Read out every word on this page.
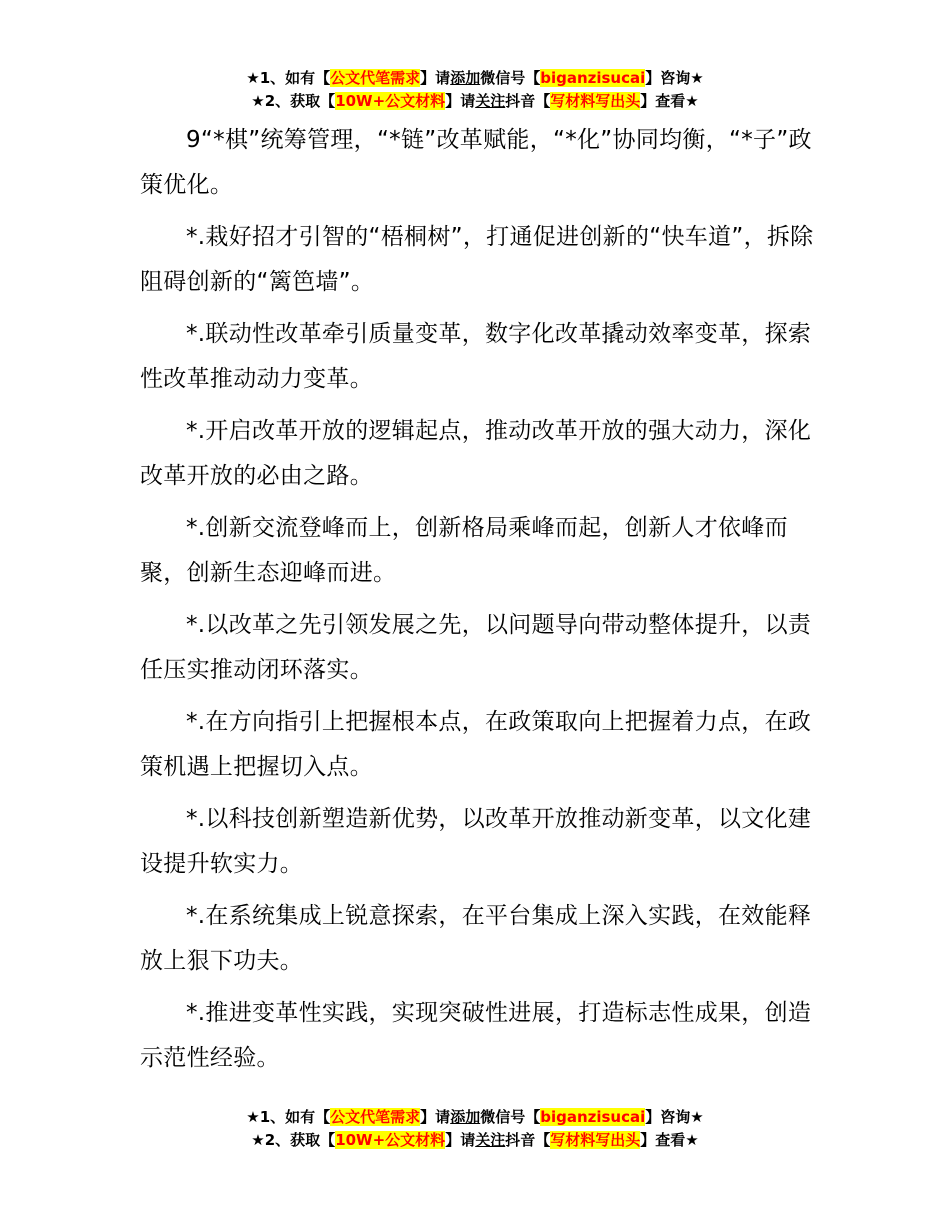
★1、如有【公文代笔需求】请添加微信号【biganzisucai】咨询★
★2、获取【10W+公文材料】请关注抖音【写材料写出头】查看★

9“*棋”统筹管理，“*链”改革赋能，“*化”协同均衡，“*子”政策优化。

*.栽好招才引智的“梧桐树”，打通促进创新的“快车道”，拆除阻碍创新的“篱笆墙”。

*.联动性改革牵引质量变革，数字化改革撬动效率变革，探索性改革推动动力变革。

*.开启改革开放的逻辑起点，推动改革开放的强大动力，深化改革开放的必由之路。

*.创新交流登峰而上，创新格局乘峰而起，创新人才依峰而聚，创新生态迎峰而进。

*.以改革之先引领发展之先，以问题导向带动整体提升，以责任压实推动闭环落实。

*.在方向指引上把握根本点，在政策取向上把握着力点，在政策机遇上把握切入点。

*.以科技创新塑造新优势，以改革开放推动新变革，以文化建设提升软实力。

*.在系统集成上锐意探索，在平台集成上深入实践，在效能释放上狠下功夫。

*.推进变革性实践，实现突破性进展，打造标志性成果，创造示范性经验。

★1、如有【公文代笔需求】请添加微信号【biganzisucai】咨询★
★2、获取【10W+公文材料】请关注抖音【写材料写出头】查看★
